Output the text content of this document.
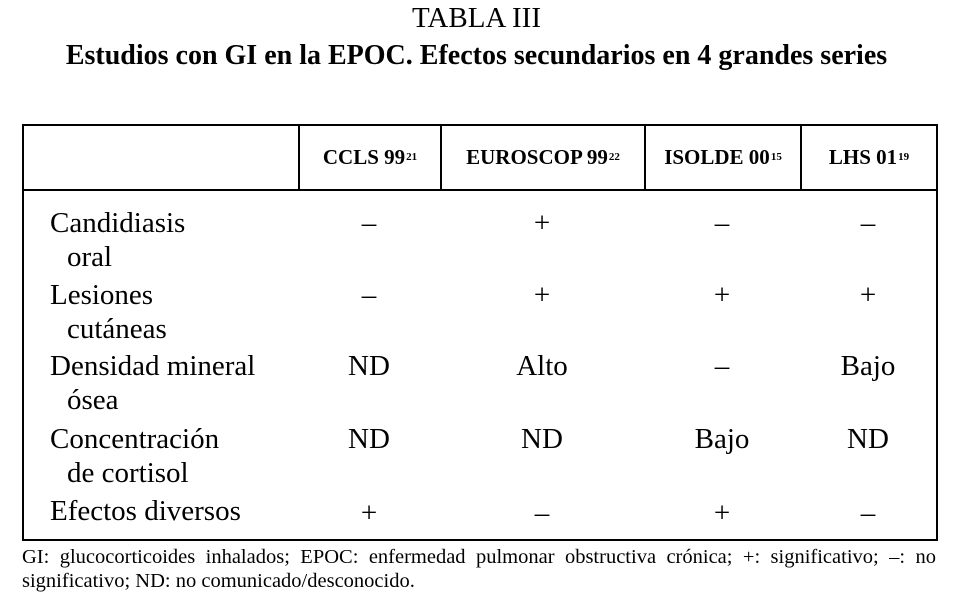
TABLA III
Estudios con GI en la EPOC. Efectos secundarios en 4 grandes series
CCLS $99^{21}$ EUROSCOP $99^{22}$ ISOLDE $00^{15}$ LHS $01^{19}$
Candidiasis
oral
–	+	–	–
Lesiones
cutáneas
–	+	+	+
Densidad mineral
ósea
ND	Alto	–	Bajo
Concentración
de cortisol
ND	ND	Bajo	ND
Efectos diversos	+	–	+	–
GI: glucocorticoides inhalados; EPOC: enfermedad pulmonar obstructiva crónica; +: significativo; –: no significativo; ND: no comunicado/desconocido.
